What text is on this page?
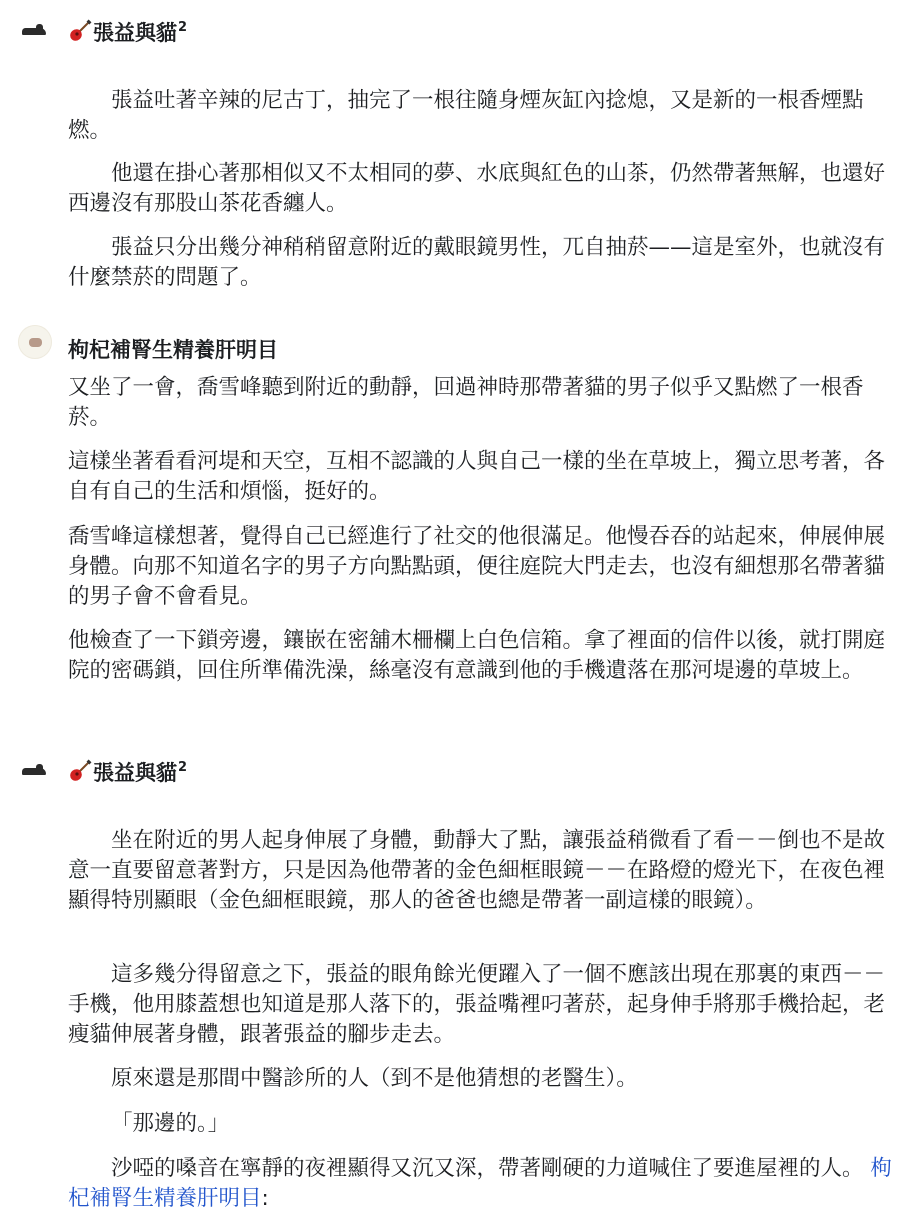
張益與貓$^2$

張益吐著辛辣的尼古丁，抽完了一根往隨身煙灰缸內捻熄，又是新的一根香煙點燃。

他還在掛心著那相似又不太相同的夢、水底與紅色的山茶，仍然帶著無解，也還好西邊沒有那股山茶花香纏人。

張益只分出幾分神稍稍留意附近的戴眼鏡男性，兀自抽菸——這是室外，也就沒有什麼禁菸的問題了。

枸杞補腎生精養肝明目

又坐了一會，喬雪峰聽到附近的動靜，回過神時那帶著貓的男子似乎又點燃了一根香菸。

這樣坐著看看河堤和天空，互相不認識的人與自己一樣的坐在草坡上，獨立思考著，各自有自己的生活和煩惱，挺好的。

喬雪峰這樣想著，覺得自己已經進行了社交的他很滿足。他慢吞吞的站起來，伸展伸展身體。向那不知道名字的男子方向點點頭，便往庭院大門走去，也沒有細想那名帶著貓的男子會不會看見。

他檢查了一下鎖旁邊，鑲嵌在密舖木柵欄上白色信箱。拿了裡面的信件以後，就打開庭院的密碼鎖，回住所準備洗澡，絲毫沒有意識到他的手機遺落在那河堤邊的草坡上。

張益與貓$^2$

坐在附近的男人起身伸展了身體，動靜大了點，讓張益稍微看了看－－倒也不是故意一直要留意著對方，只是因為他帶著的金色細框眼鏡－－在路燈的燈光下，在夜色裡顯得特別顯眼（金色細框眼鏡，那人的爸爸也總是帶著一副這樣的眼鏡）。

這多幾分得留意之下，張益的眼角餘光便躍入了一個不應該出現在那裏的東西－－手機，他用膝蓋想也知道是那人落下的，張益嘴裡叼著菸，起身伸手將那手機拾起，老瘦貓伸展著身體，跟著張益的腳步走去。

原來還是那間中醫診所的人（到不是他猜想的老醫生）。

「那邊的。」

沙啞的嗓音在寧靜的夜裡顯得又沉又深，帶著剛硬的力道喊住了要進屋裡的人。 枸杞補腎生精養肝明目:
